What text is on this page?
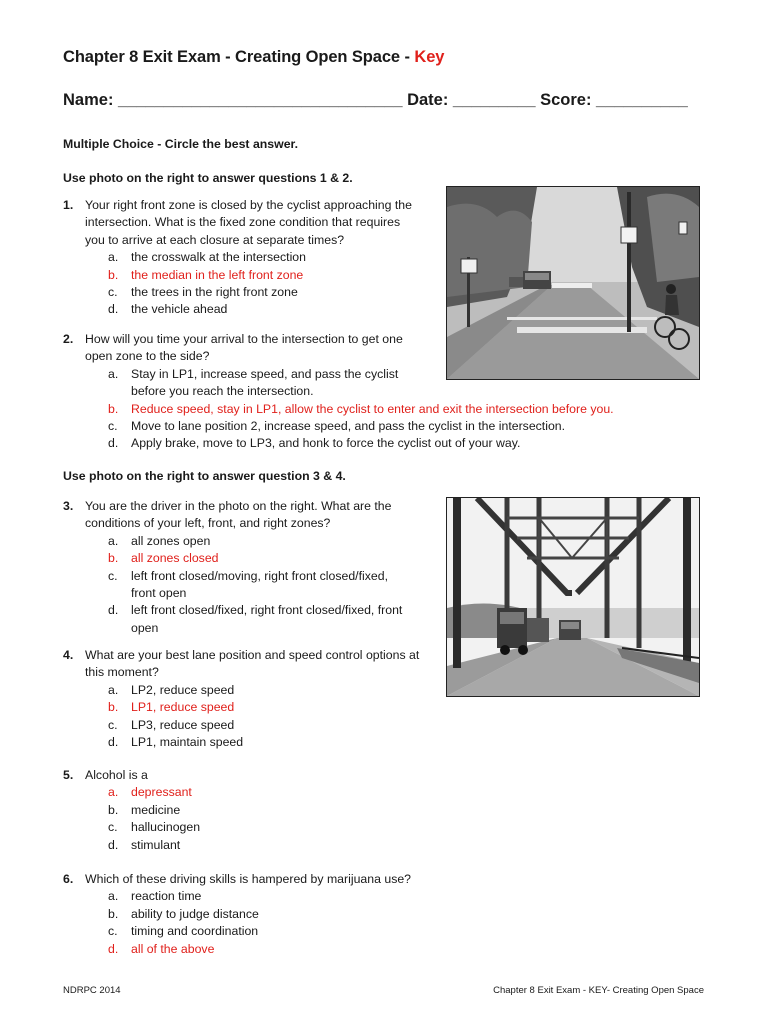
Chapter 8 Exit Exam - Creating Open Space - Key
Name: _______________________________ Date: _________ Score: __________
Multiple Choice - Circle the best answer.
Use photo on the right to answer questions 1 & 2.
1. Your right front zone is closed by the cyclist approaching the
intersection. What is the fixed zone condition that requires
you to arrive at each closure at separate times?
a.	the crosswalk at the intersection
b.	the median in the left front zone
c.	the trees in the right front zone
d.	the vehicle ahead
2. How will you time your arrival to the intersection to get one
open zone to the side?
a.	Stay in LP1, increase speed, and pass the cyclist
before you reach the intersection.
b.	Reduce speed, stay in LP1, allow the cyclist to enter and exit the intersection before you.
c.	Move to lane position 2, increase speed, and pass the cyclist in the intersection.
d.	Apply brake, move to LP3, and honk to force the cyclist out of your way.
Use photo on the right to answer question 3 & 4.
3. You are the driver in the photo on the right. What are the
conditions of your left, front, and right zones?
a.	all zones open
b.	all zones closed
c.	left front closed/moving, right front closed/fixed,
front open
d.	left front closed/fixed, right front closed/fixed, front
open
4. What are your best lane position and speed control options at
this moment?
a.	LP2, reduce speed
b.	LP1, reduce speed
c.	LP3, reduce speed
d.	LP1, maintain speed
5. Alcohol is a
a.	depressant
b.	medicine
c.	hallucinogen
d.	stimulant
6. Which of these driving skills is hampered by marijuana use?
a.	reaction time
b.	ability to judge distance
c.	timing and coordination
d.	all of the above
NDRPC 2014	Chapter 8 Exit Exam - KEY- Creating Open Space
